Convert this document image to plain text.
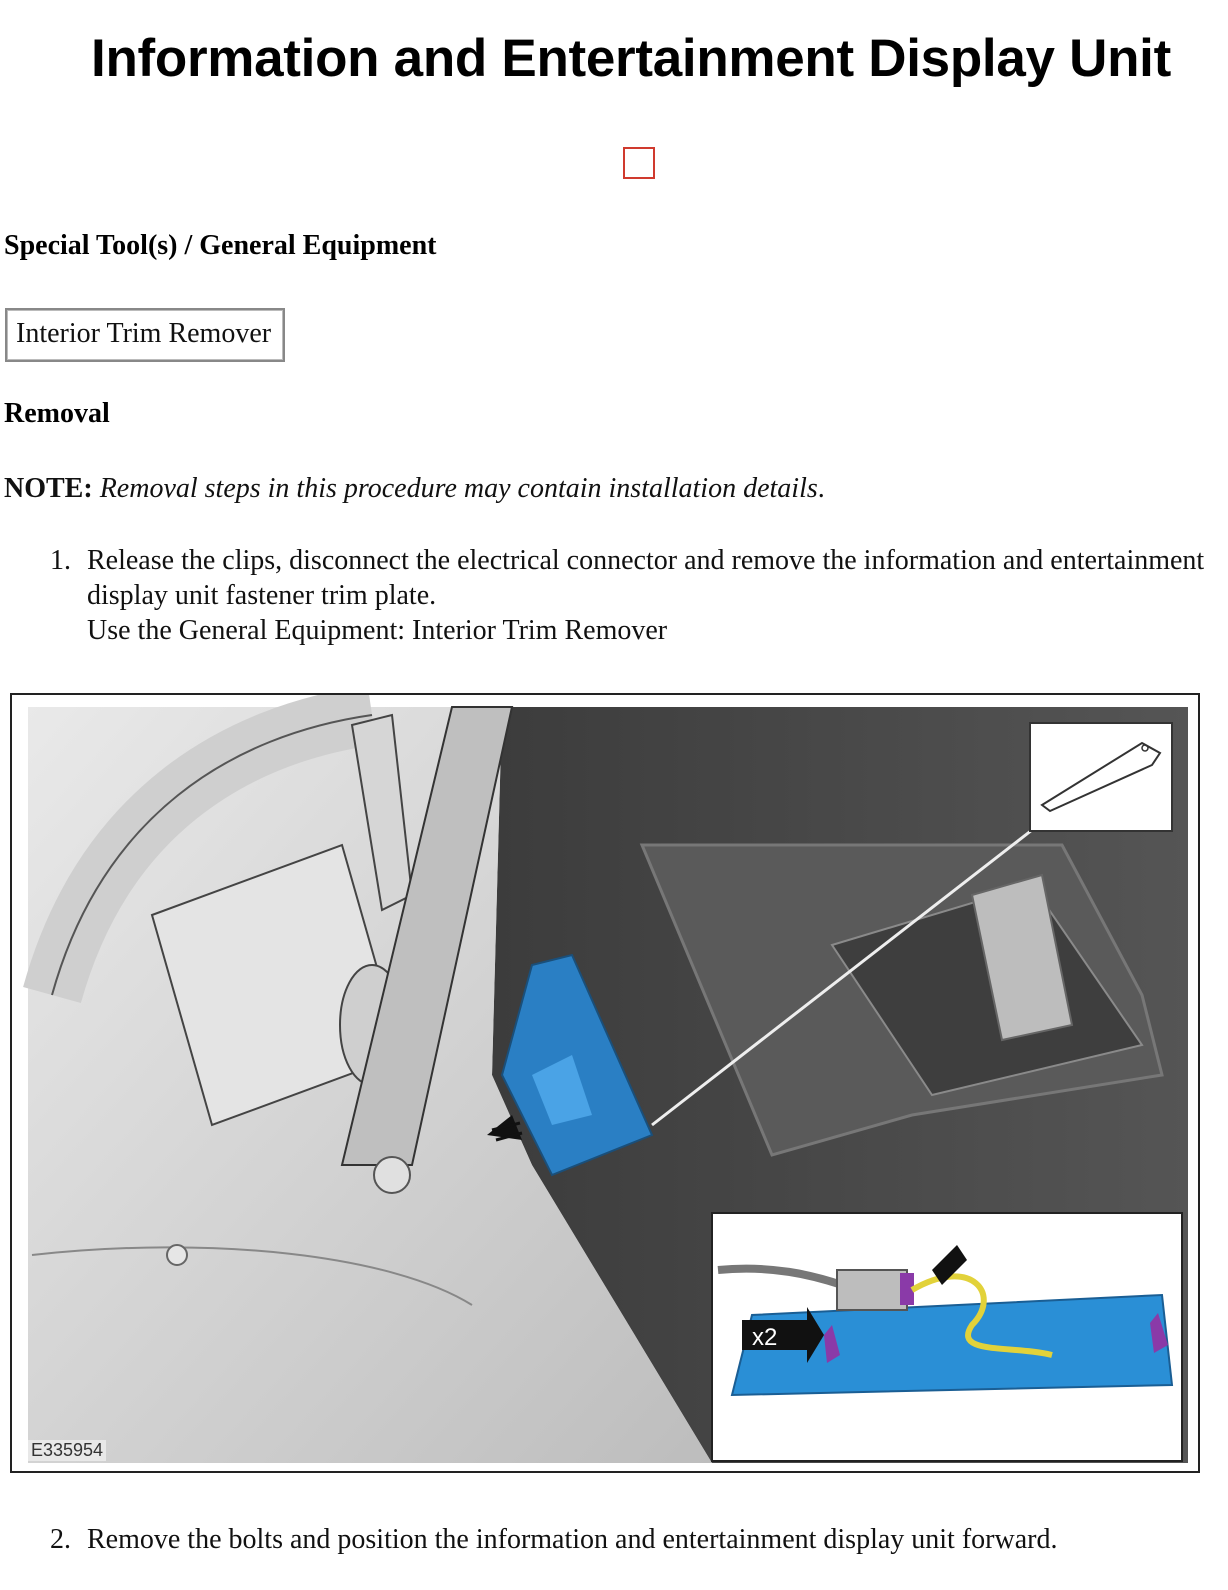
Information and Entertainment Display Unit
Special Tool(s) / General Equipment
Interior Trim Remover
Removal

NOTE: Removal steps in this procedure may contain installation details.

1. Release the clips, disconnect the electrical connector and remove the information and entertainment
display unit fastener trim plate.
Use the General Equipment: Interior Trim Remover
x2
E335954
2. Remove the bolts and position the information and entertainment display unit forward.
